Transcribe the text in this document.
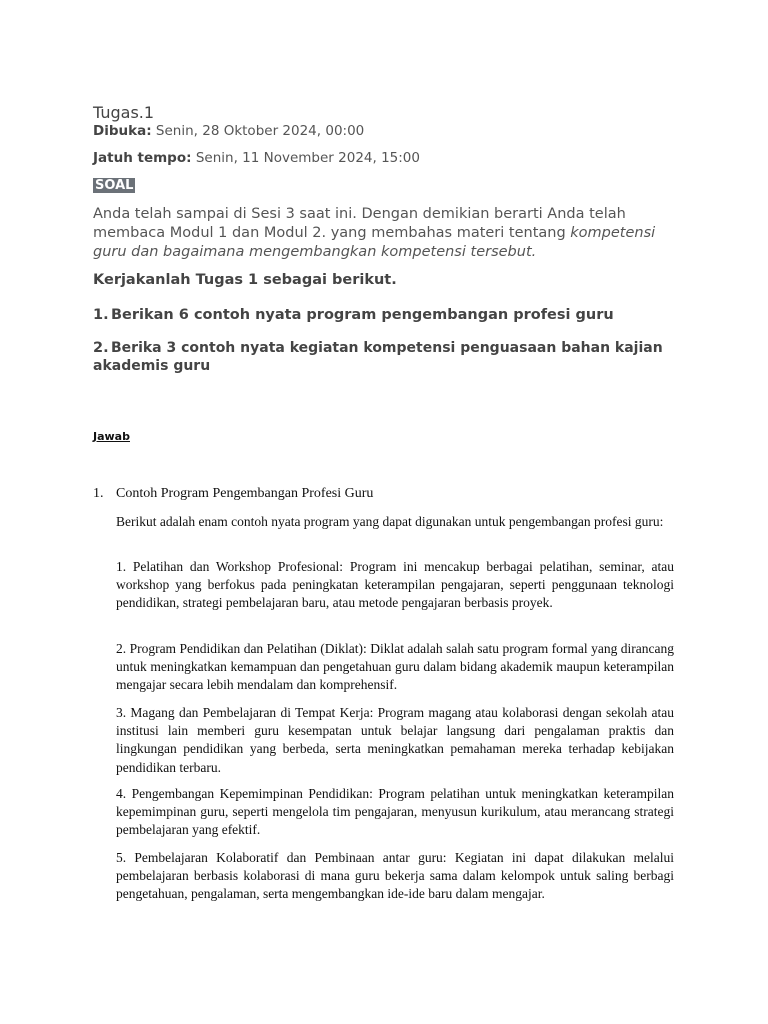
Tugas.1
Dibuka: Senin, 28 Oktober 2024, 00:00
Jatuh tempo: Senin, 11 November 2024, 15:00
SOAL
Anda telah sampai di Sesi 3 saat ini. Dengan demikian berarti Anda telah membaca Modul 1 dan Modul 2. yang membahas materi tentang kompetensi guru dan bagaimana mengembangkan kompetensi tersebut.
Kerjakanlah Tugas 1 sebagai berikut.
1. Berikan 6 contoh nyata program pengembangan profesi guru
2. Berika 3 contoh nyata kegiatan kompetensi penguasaan bahan kajian akademis guru
Jawab
1. Contoh Program Pengembangan Profesi Guru
Berikut adalah enam contoh nyata program yang dapat digunakan untuk pengembangan profesi guru:
1. Pelatihan dan Workshop Profesional: Program ini mencakup berbagai pelatihan, seminar, atau workshop yang berfokus pada peningkatan keterampilan pengajaran, seperti penggunaan teknologi pendidikan, strategi pembelajaran baru, atau metode pengajaran berbasis proyek.
2. Program Pendidikan dan Pelatihan (Diklat): Diklat adalah salah satu program formal yang dirancang untuk meningkatkan kemampuan dan pengetahuan guru dalam bidang akademik maupun keterampilan mengajar secara lebih mendalam dan komprehensif.
3. Magang dan Pembelajaran di Tempat Kerja: Program magang atau kolaborasi dengan sekolah atau institusi lain memberi guru kesempatan untuk belajar langsung dari pengalaman praktis dan lingkungan pendidikan yang berbeda, serta meningkatkan pemahaman mereka terhadap kebijakan pendidikan terbaru.
4. Pengembangan Kepemimpinan Pendidikan: Program pelatihan untuk meningkatkan keterampilan kepemimpinan guru, seperti mengelola tim pengajaran, menyusun kurikulum, atau merancang strategi pembelajaran yang efektif.
5. Pembelajaran Kolaboratif dan Pembinaan antar guru: Kegiatan ini dapat dilakukan melalui pembelajaran berbasis kolaborasi di mana guru bekerja sama dalam kelompok untuk saling berbagi pengetahuan, pengalaman, serta mengembangkan ide-ide baru dalam mengajar.
